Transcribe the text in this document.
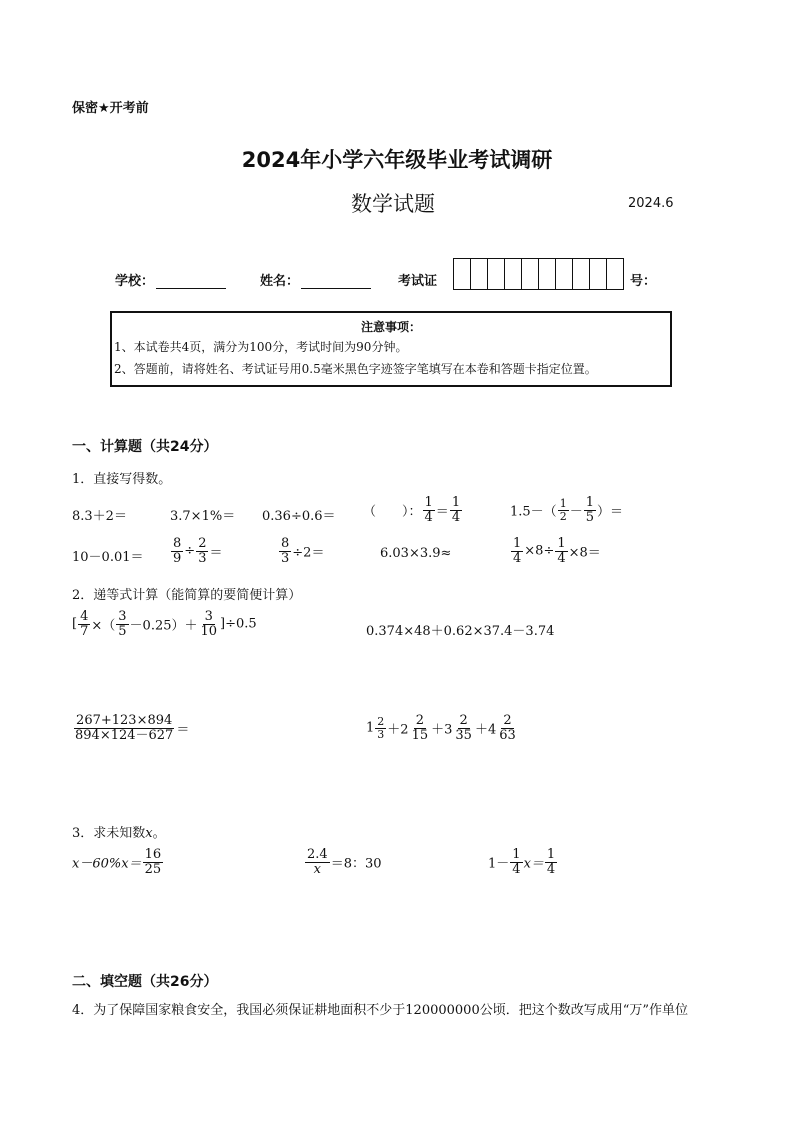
保密★开考前
2024年小学六年级毕业考试调研
数学试题	2024.6
学校：	姓名：	考试证	号：
注意事项：
1、本试卷共4页，满分为100分，考试时间为90分钟。
2、答题前，请将姓名、考试证号用0.5毫米黑色字迹签字笔填写在本卷和答题卡指定位置。
一、计算题（共24分）
1．直接写得数。
8.3＋2＝	3.7×1%＝ 0.36÷0.6＝ （　　）： $\frac{1}{4} = \frac{1}{4}$	$1.5-( \frac{1}{2} - \frac{1}{5}$ ）＝
$10-0.01= \frac{8}{9} \div \frac{2}{3}$ ＝	$\frac{8}{3} \div 2=$	6.03×3.9≈	$\frac{1}{4} \times 8\div \frac{1}{4} \times 8=$
2．递等式计算（能简算的要简便计算）
[ $\frac{4}{7}$ ×（ $\frac{3}{5} -0.25)+ \frac{3}{10} ]\div 0.5$	0.374×48＋0.62×37.4－3.74
$\frac{267+123\times 894}{894\times 124-627}$ ＝	$1 \frac{2}{3} +2 \frac{2}{15} +3 \frac{2}{35} +4 \frac{2}{63}$
3．求未知数x。
$x-60\%x= \frac{16}{25}$	$\frac{2.4}{x} =8$：30	$1- \frac{1}{4} x= \frac{1}{4}$
二、填空题（共26分）
4．为了保障国家粮食安全，我国必须保证耕地面积不少于120000000公顷．把这个数改写成用“万”作单位
